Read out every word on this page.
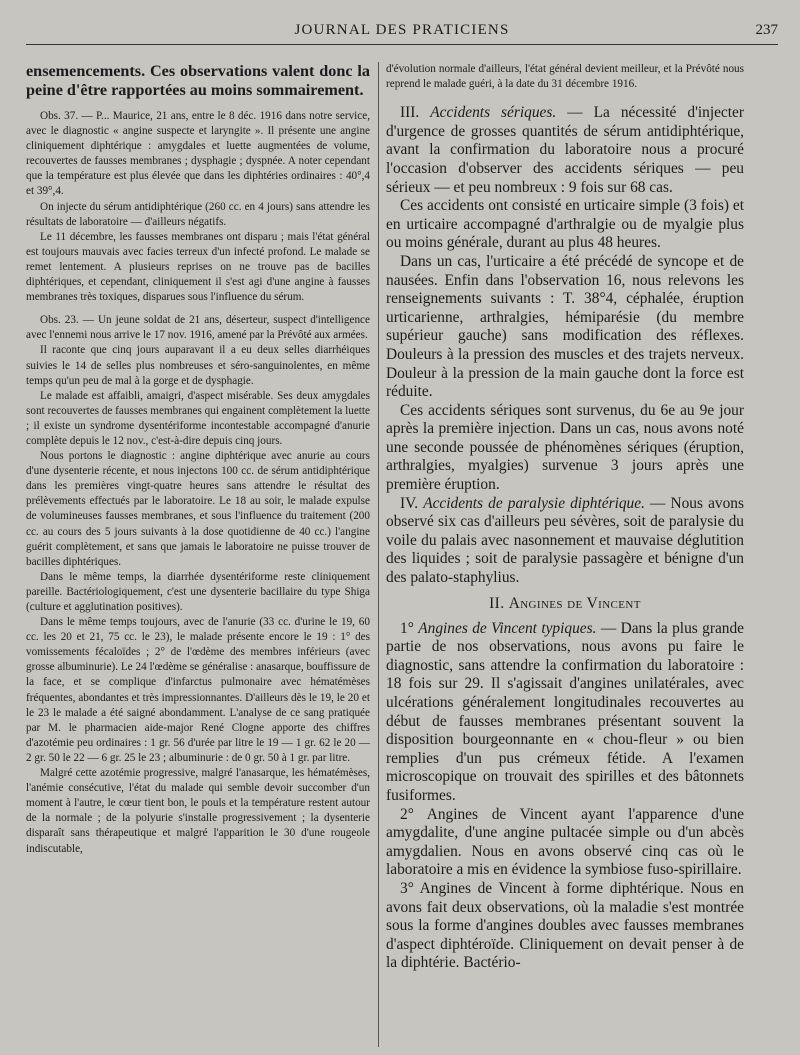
JOURNAL DES PRATICIENS	237

ensemencements. Ces observations valent donc la peine d'être rapportées au moins sommairement.

Obs. 37. — P... Maurice, 21 ans, entre le 8 déc. 1916 dans notre service, avec le diagnostic « angine suspecte et laryngite ». Il présente une angine cliniquement diphtérique : amygdales et luette augmentées de volume, recouvertes de fausses membranes ; dysphagie ; dyspnée. A noter cependant que la température est plus élevée que dans les diphtéries ordinaires : 40°,4 et 39°,4.

On injecte du sérum antidiphtérique (260 cc. en 4 jours) sans attendre les résultats de laboratoire — d'ailleurs négatifs.

Le 11 décembre, les fausses membranes ont disparu ; mais l'état général est toujours mauvais avec facies terreux d'un infecté profond. Le malade se remet lentement. A plusieurs reprises on ne trouve pas de bacilles diphtériques, et cependant, cliniquement il s'est agi d'une angine à fausses membranes très toxiques, disparues sous l'influence du sérum.

Obs. 23. — Un jeune soldat de 21 ans, déserteur, suspect d'intelligence avec l'ennemi nous arrive le 17 nov. 1916, amené par la Prévôté aux armées.

Il raconte que cinq jours auparavant il a eu deux selles diarrhéiques suivies le 14 de selles plus nombreuses et séro-sanguinolentes, en même temps qu'un peu de mal à la gorge et de dysphagie.

Le malade est affaibli, amaigri, d'aspect misérable. Ses deux amygdales sont recouvertes de fausses membranes qui engainent complètement la luette ; il existe un syndrome dysentériforme incontestable accompagné d'anurie complète depuis le 12 nov., c'est-à-dire depuis cinq jours.

Nous portons le diagnostic : angine diphtérique avec anurie au cours d'une dysenterie récente, et nous injectons 100 cc. de sérum antidiphtérique dans les premières vingt-quatre heures sans attendre le résultat des prélèvements effectués par le laboratoire. Le 18 au soir, le malade expulse de volumineuses fausses membranes, et sous l'influence du traitement (200 cc. au cours des 5 jours suivants à la dose quotidienne de 40 cc.) l'angine guérit complètement, et sans que jamais le laboratoire ne puisse trouver de bacilles diphtériques.

Dans le même temps, la diarrhée dysentériforme reste cliniquement pareille. Bactériologiquement, c'est une dysenterie bacillaire du type Shiga (culture et agglutination positives).

Dans le même temps toujours, avec de l'anurie (33 cc. d'urine le 19, 60 cc. les 20 et 21, 75 cc. le 23), le malade présente encore le 19 : 1° des vomissements fécaloïdes ; 2° de l'œdème des membres inférieurs (avec grosse albuminurie). Le 24 l'œdème se généralise : anasarque, bouffissure de la face, et se complique d'infarctus pulmonaire avec hématémèses fréquentes, abondantes et très impressionnantes. D'ailleurs dès le 19, le 20 et le 23 le malade a été saigné abondamment. L'analyse de ce sang pratiquée par M. le pharmacien aide-major René Clogne apporte des chiffres d'azotémie peu ordinaires : 1 gr. 56 d'urée par litre le 19 — 1 gr. 62 le 20 — 2 gr. 50 le 22 — 6 gr. 25 le 23 ; albuminurie : de 0 gr. 50 à 1 gr. par litre.

Malgré cette azotémie progressive, malgré l'anasarque, les hématémèses, l'anémie consécutive, l'état du malade qui semble devoir succomber d'un moment à l'autre, le cœur tient bon, le pouls et la température restent autour de la normale ; de la polyurie s'installe progressivement ; la dysenterie disparaît sans thérapeutique et malgré l'apparition le 30 d'une rougeole indiscutable,

d'évolution normale d'ailleurs, l'état général devient meilleur, et la Prévôté nous reprend le malade guéri, à la date du 31 décembre 1916.

III. Accidents sériques. — La nécessité d'injecter d'urgence de grosses quantités de sérum antidiphtérique, avant la confirmation du laboratoire nous a procuré l'occasion d'observer des accidents sériques — peu sérieux — et peu nombreux : 9 fois sur 68 cas.

Ces accidents ont consisté en urticaire simple (3 fois) et en urticaire accompagné d'arthralgie ou de myalgie plus ou moins générale, durant au plus 48 heures.

Dans un cas, l'urticaire a été précédé de syncope et de nausées. Enfin dans l'observation 16, nous relevons les renseignements suivants : T. 38°4, céphalée, éruption urticarienne, arthralgies, hémiparésie (du membre supérieur gauche) sans modification des réflexes. Douleurs à la pression des muscles et des trajets nerveux. Douleur à la pression de la main gauche dont la force est réduite.

Ces accidents sériques sont survenus, du 6e au 9e jour après la première injection. Dans un cas, nous avons noté une seconde poussée de phénomènes sériques (éruption, arthralgies, myalgies) survenue 3 jours après une première éruption.

IV. Accidents de paralysie diphtérique. — Nous avons observé six cas d'ailleurs peu sévères, soit de paralysie du voile du palais avec nasonnement et mauvaise déglutition des liquides ; soit de paralysie passagère et bénigne d'un des palato-staphylius.

II. Angines de Vincent

1° Angines de Vincent typiques. — Dans la plus grande partie de nos observations, nous avons pu faire le diagnostic, sans attendre la confirmation du laboratoire : 18 fois sur 29. Il s'agissait d'angines unilatérales, avec ulcérations généralement longitudinales recouvertes au début de fausses membranes présentant souvent la disposition bourgeonnante en « chou-fleur » ou bien remplies d'un pus crémeux fétide. A l'examen microscopique on trouvait des spirilles et des bâtonnets fusiformes.

2° Angines de Vincent ayant l'apparence d'une amygdalite, d'une angine pultacée simple ou d'un abcès amygdalien. Nous en avons observé cinq cas où le laboratoire a mis en évidence la symbiose fuso-spirillaire.

3° Angines de Vincent à forme diphtérique. Nous en avons fait deux observations, où la maladie s'est montrée sous la forme d'angines doubles avec fausses membranes d'aspect diphtéroïde. Cliniquement on devait penser à de la diphtérie. Bactério-
